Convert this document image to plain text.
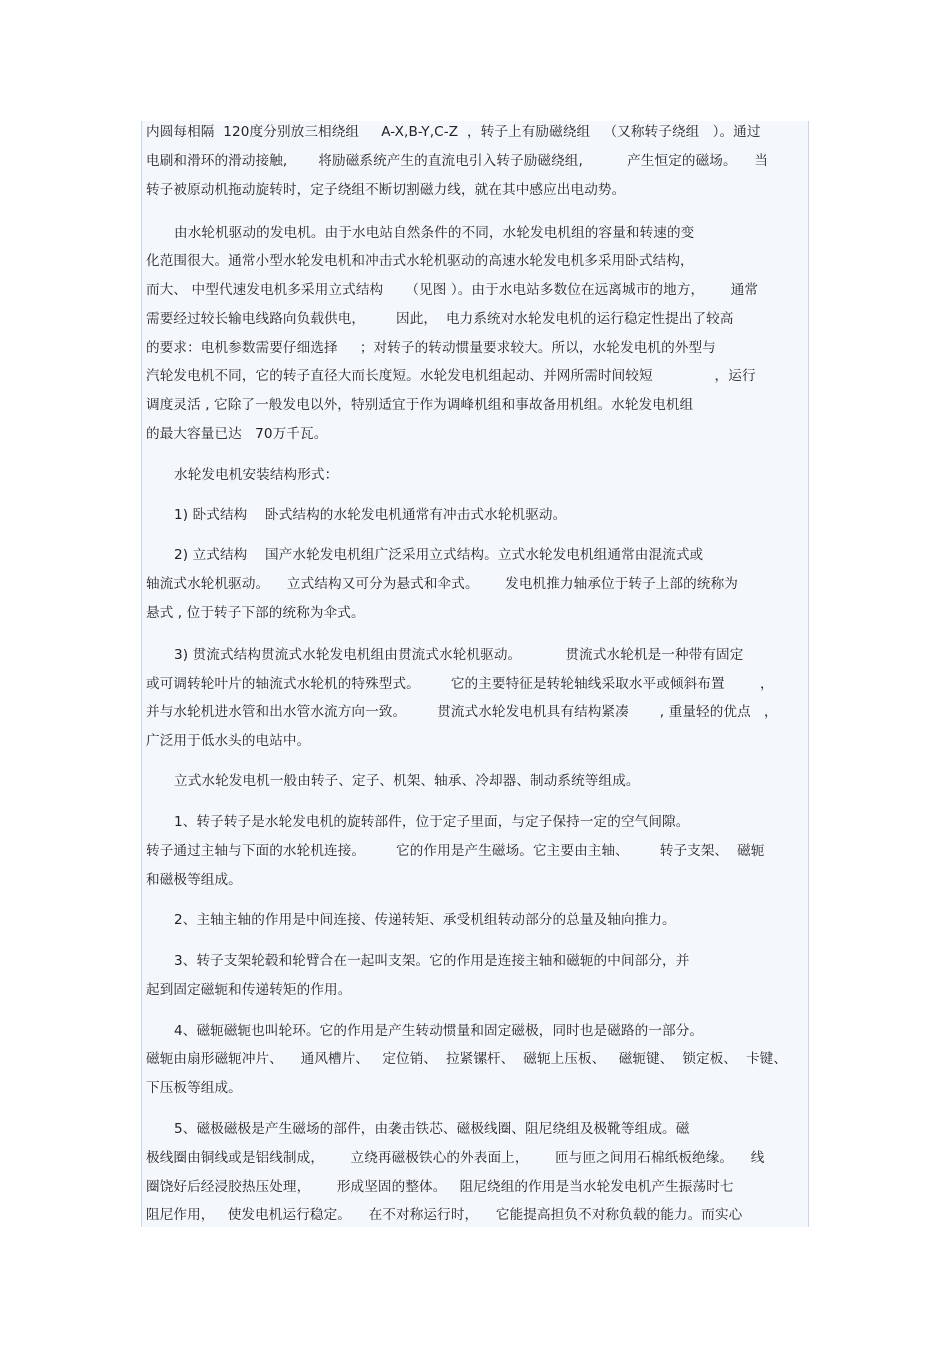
内圆每相隔  120度分别放三相绕组     A-X,B-Y,C-Z  ，转子上有励磁绕组   （又称转子绕组   ）。通过
电刷和滑环的滑动接触,       将励磁系统产生的直流电引入转子励磁绕组,          产生恒定的磁场。    当
转子被原动机拖动旋转时，定子绕组不断切割磁力线，就在其中感应出电动势。
由水轮机驱动的发电机。由于水电站自然条件的不同，水轮发电机组的容量和转速的变
化范围很大。通常小型水轮发电机和冲击式水轮机驱动的高速水轮发电机多采用卧式结构，
而大、 中型代速发电机多采用立式结构     （见图 ）。由于水电站多数位在远离城市的地方，      通常
需要经过较长输电线路向负载供电，       因此，  电力系统对水轮发电机的运行稳定性提出了较高
的要求：电机参数需要仔细选择     ；对转子的转动惯量要求较大。所以，水轮发电机的外型与
汽轮发电机不同，它的转子直径大而长度短。水轮发电机组起动、并网所需时间较短              ，运行
调度灵活 , 它除了一般发电以外，特别适宜于作为调峰机组和事故备用机组。水轮发电机组
的最大容量已达   70万千瓦。
水轮发电机安装结构形式：
1) 卧式结构    卧式结构的水轮发电机通常有冲击式水轮机驱动。
2) 立式结构    国产水轮发电机组广泛采用立式结构。立式水轮发电机组通常由混流式或
轴流式水轮机驱动。    立式结构又可分为悬式和伞式。      发电机推力轴承位于转子上部的统称为
悬式 , 位于转子下部的统称为伞式。
3) 贯流式结构贯流式水轮发电机组由贯流式水轮机驱动。          贯流式水轮机是一种带有固定
或可调转轮叶片的轴流式水轮机的特殊型式。       它的主要特征是转轮轴线采取水平或倾斜布置        ，
并与水轮机进水管和出水管水流方向一致。       贯流式水轮发电机具有结构紧凑       , 重量轻的优点   ，
广泛用于低水头的电站中。
立式水轮发电机一般由转子、定子、机架、轴承、冷却器、制动系统等组成。
1、转子转子是水轮发电机的旋转部件，位于定子里面，与定子保持一定的空气间隙。
转子通过主轴与下面的水轮机连接。       它的作用是产生磁场。它主要由主轴、       转子支架、  磁轭
和磁极等组成。
2、主轴主轴的作用是中间连接、传递转矩、承受机组转动部分的总量及轴向推力。
3、转子支架轮毂和轮臂合在一起叫支架。它的作用是连接主轴和磁轭的中间部分，并
起到固定磁轭和传递转矩的作用。
4、磁轭磁轭也叫轮环。它的作用是产生转动惯量和固定磁极，同时也是磁路的一部分。
磁轭由扇形磁轭冲片、    通风槽片、   定位销、  拉紧镙杆、  磁轭上压板、   磁轭键、  锁定板、  卡键、
下压板等组成。
5、磁极磁极是产生磁场的部件，由袭击铁芯、磁极线圈、阻尼绕组及极靴等组成。磁
极线圈由铜线或是铝线制成，      立绕再磁极铁心的外表面上，      匝与匝之间用石棉纸板绝缘。    线
圈饶好后经浸胶热压处理，      形成坚固的整体。   阻尼绕组的作用是当水轮发电机产生振荡时七
阻尼作用，   使发电机运行稳定。    在不对称运行时，    它能提高担负不对称负载的能力。而实心
